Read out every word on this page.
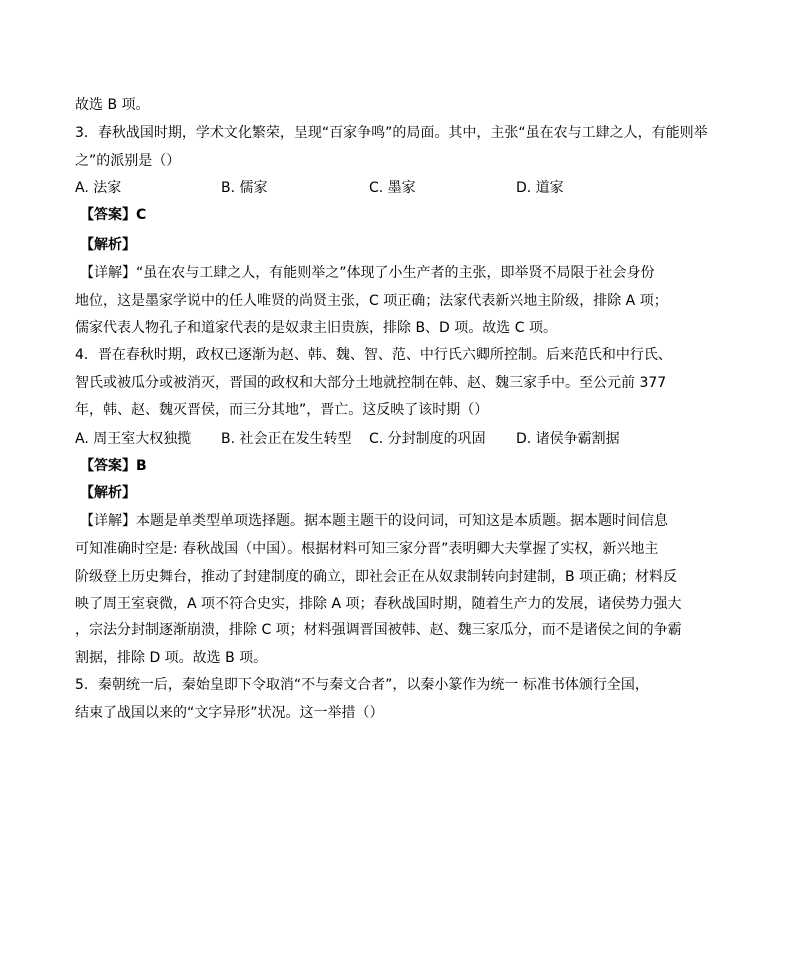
故选 B 项。
3．春秋战国时期，学术文化繁荣，呈现“百家争鸣”的局面。其中，主张“虽在农与工肆之人，有能则举
之”的派别是（）
A. 法家	B. 儒家	C. 墨家	D. 道家
【答案】C
【解析】
【详解】“虽在农与工肆之人，有能则举之”体现了小生产者的主张，即举贤不局限于社会身份
地位，这是墨家学说中的任人唯贤的尚贤主张，C 项正确；法家代表新兴地主阶级，排除 A 项；
儒家代表人物孔子和道家代表的是奴隶主旧贵族，排除 B、D 项。故选 C 项。
4．晋在春秋时期，政权已逐渐为赵、韩、魏、智、范、中行氏六卿所控制。后来范氏和中行氏、
智氏或被瓜分或被消灭，晋国的政权和大部分土地就控制在韩、赵、魏三家手中。至公元前 377
年，韩、赵、魏灭晋侯，而三分其地”，晋亡。这反映了该时期（）
A. 周王室大权独揽 B. 社会正在发生转型 C. 分封制度的巩固 D. 诸侯争霸割据
【答案】B
【解析】
【详解】本题是单类型单项选择题。据本题主题干的设问词，可知这是本质题。据本题时间信息
可知准确时空是: 春秋战国（中国）。根据材料可知三家分晋”表明卿大夫掌握了实权，新兴地主
阶级登上历史舞台，推动了封建制度的确立，即社会正在从奴隶制转向封建制，B 项正确；材料反
映了周王室衰微，A 项不符合史实，排除 A 项；春秋战国时期，随着生产力的发展，诸侯势力强大
，宗法分封制逐渐崩溃，排除 C 项；材料强调晋国被韩、赵、魏三家瓜分，而不是诸侯之间的争霸
割据，排除 D 项。故选 B 项。
5．秦朝统一后，秦始皇即下令取消“不与秦文合者”，以秦小篆作为统一 标准书体颁行全国，
结束了战国以来的“文字异形”状况。这一举措（）
